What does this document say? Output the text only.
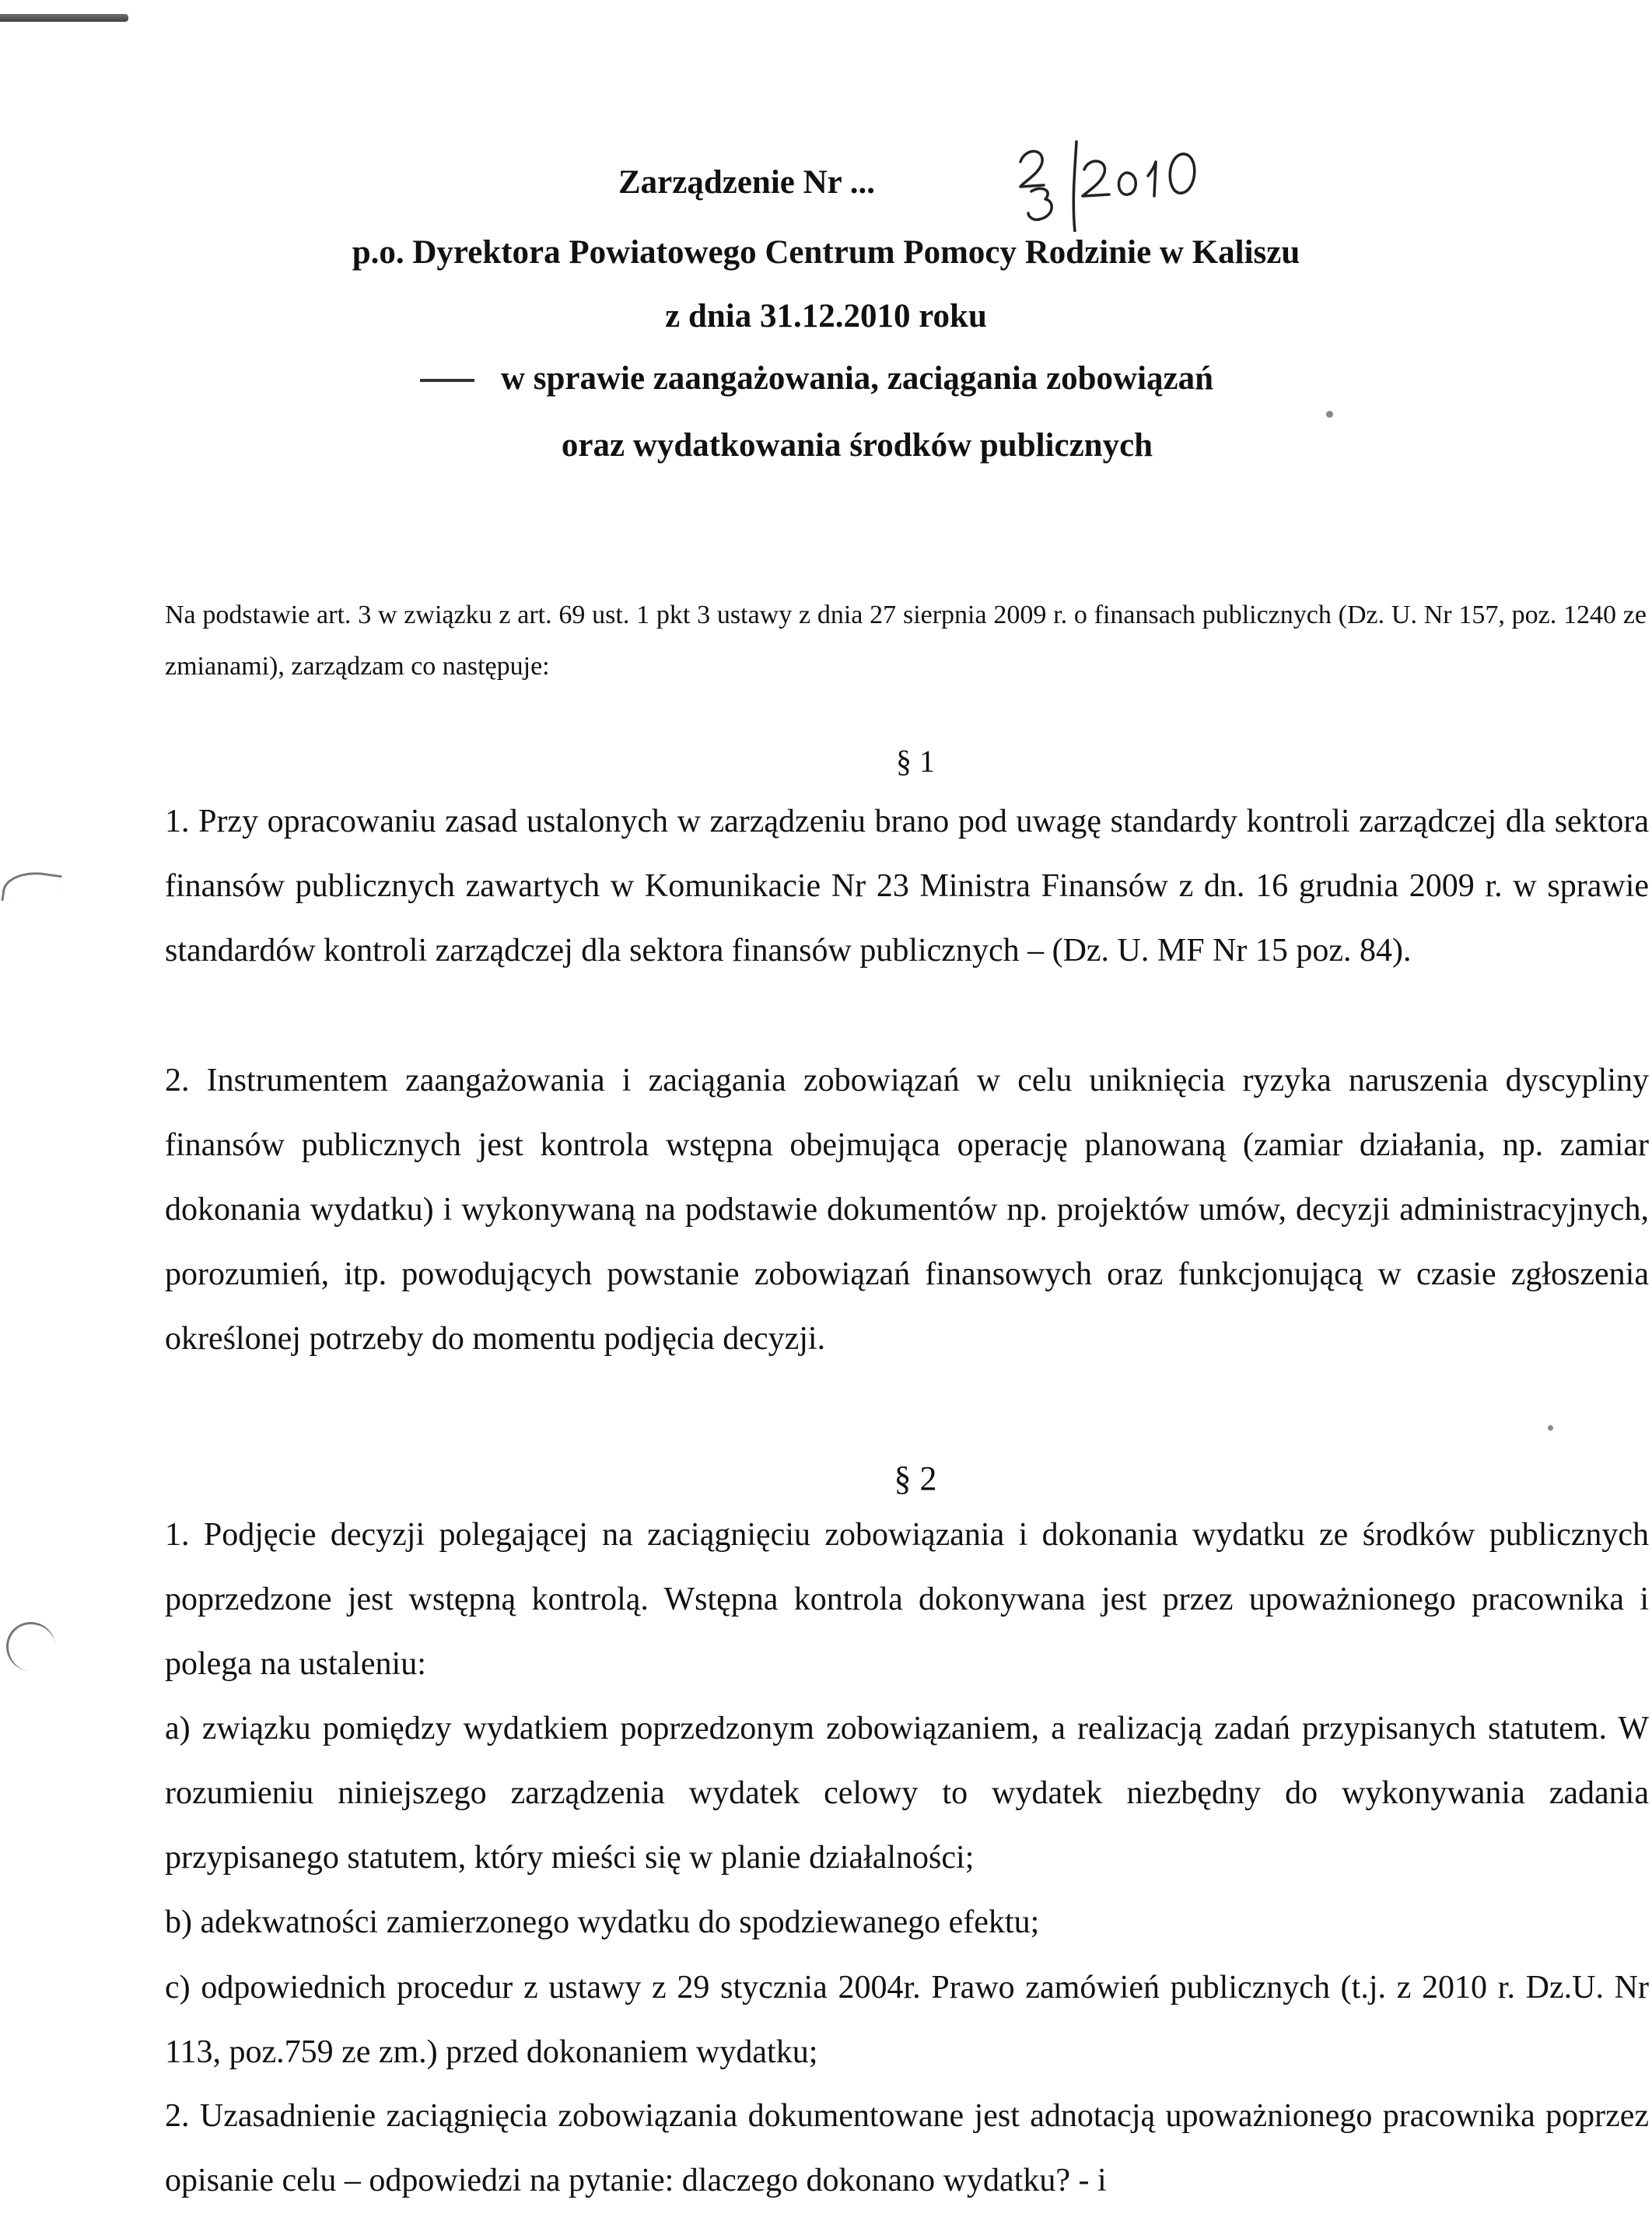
Zarządzenie Nr ...
p.o. Dyrektora Powiatowego Centrum Pomocy Rodzinie w Kaliszu
z dnia 31.12.2010 roku
w sprawie zaangażowania, zaciągania zobowiązań
oraz wydatkowania środków publicznych
Na podstawie art. 3 w związku z art. 69 ust. 1 pkt 3 ustawy z dnia 27 sierpnia 2009 r. o finansach publicznych (Dz. U. Nr 157, poz. 1240 ze zmianami), zarządzam co następuje:
§ 1
1. Przy opracowaniu zasad ustalonych w zarządzeniu brano pod uwagę standardy kontroli zarządczej dla sektora finansów publicznych zawartych w Komunikacie Nr 23 Ministra Finansów z dn. 16 grudnia 2009 r. w sprawie standardów kontroli zarządczej dla sektora finansów publicznych – (Dz. U. MF Nr 15 poz. 84).
2. Instrumentem zaangażowania i zaciągania zobowiązań w celu uniknięcia ryzyka naruszenia dyscypliny finansów publicznych jest kontrola wstępna obejmująca operację planowaną (zamiar działania, np. zamiar dokonania wydatku) i wykonywaną na podstawie dokumentów np. projektów umów, decyzji administracyjnych, porozumień, itp. powodujących powstanie zobowiązań finansowych oraz funkcjonującą w czasie zgłoszenia określonej potrzeby do momentu podjęcia decyzji.
§ 2
1. Podjęcie decyzji polegającej na zaciągnięciu zobowiązania i dokonania wydatku ze środków publicznych poprzedzone jest wstępną kontrolą. Wstępna kontrola dokonywana jest przez upoważnionego pracownika i polega na ustaleniu:
a) związku pomiędzy wydatkiem poprzedzonym zobowiązaniem, a realizacją zadań przypisanych statutem. W rozumieniu niniejszego zarządzenia wydatek celowy to wydatek niezbędny do wykonywania zadania przypisanego statutem, który mieści się w planie działalności;
b) adekwatności zamierzonego wydatku do spodziewanego efektu;
c) odpowiednich procedur z ustawy z 29 stycznia 2004r. Prawo zamówień publicznych (t.j. z 2010 r. Dz.U. Nr 113, poz.759 ze zm.) przed dokonaniem wydatku;
2. Uzasadnienie zaciągnięcia zobowiązania dokumentowane jest adnotacją upoważnionego pracownika poprzez opisanie celu – odpowiedzi na pytanie: dlaczego dokonano wydatku? - i
